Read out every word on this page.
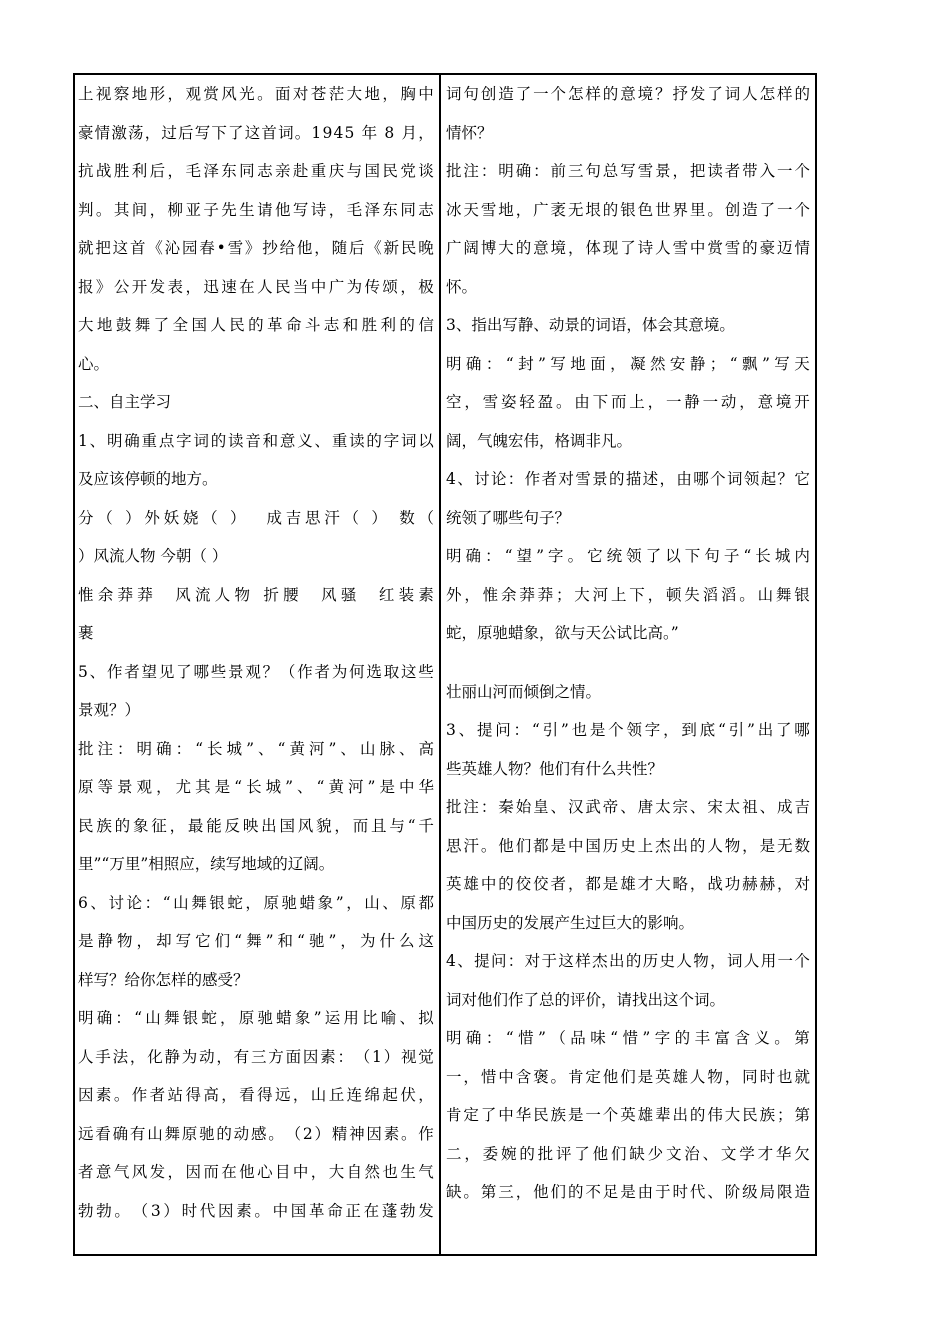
上 视 察 地 形 ， 观 赏 风 光 。 面 对 苍 茫 大 地 ， 胸 中
豪 情 激 荡 ， 过 后 写 下 了 这 首 词 。 1 9 4 5
年
8
月 ，
抗 战 胜 利 后 ， 毛 泽 东 同 志 亲 赴 重 庆 与 国 民 党 谈
判 。 其 间 ， 柳 亚 子 先 生 请 他 写 诗 ， 毛 泽 东 同 志
就 把 这 首 《 沁 园 春 • 雪 》 抄 给 他 ， 随 后 《 新 民 晚
报 》 公 开 发 表 ， 迅 速 在 人 民 当 中 广 为 传 颂 ， 极
大 地 鼓 舞 了 全 国 人 民 的 革 命 斗 志 和 胜 利 的 信
心。
二、自主学习
1 、 明 确 重 点 字 词 的 读 音 和 意 义 、 重 读 的 字 词 以
及应该停顿的地方。
分 （
） 外 妖 娆 （
）

成 吉 思 汗 （
）
数 （
）风流人物 今朝（ ）
惟 余 莽 莽

风 流 人 物
折 腰

风 骚

红 装 素
裹
5 、 作 者 望 见 了 哪 些 景 观 ？ （ 作 者 为 何 选 取 这 些
景观？）
批 注 ： 明 确 ： “ 长 城 ” 、 “ 黄 河 ” 、 山 脉 、 高
原 等 景 观 ， 尤 其 是 “ 长 城 ” 、 “ 黄 河 ” 是 中 华
民 族 的 象 征 ， 最 能 反 映 出 国 风 貌 ， 而 且 与 “ 千
里”“万里”相照应，续写地域的辽阔。
6 、 讨 论 ： “ 山 舞 银 蛇 ， 原 驰 蜡 象 ” ， 山 、 原 都
是 静 物 ， 却 写 它 们 “ 舞 ” 和 “ 驰 ” ， 为 什 么 这
样写？给你怎样的感受？
明 确 ： “ 山 舞 银 蛇 ， 原 驰 蜡 象 ” 运 用 比 喻 、 拟
人 手 法 ， 化 静 为 动 ， 有 三 方 面 因 素 ： （ 1 ） 视 觉
因 素 。 作 者 站 得 高 ， 看 得 远 ， 山 丘 连 绵 起 伏 ，
远 看 确 有 山 舞 原 驰 的 动 感 。 （ 2 ） 精 神 因 素 。 作
者 意 气 风 发 ， 因 而 在 他 心 目 中 ， 大 自 然 也 生 气
勃 勃 。 （ 3 ） 时 代 因 素 。 中 国 革 命 正 在 蓬 勃 发
词 句 创 造 了 一 个 怎 样 的 意 境 ？ 抒 发 了 词 人 怎 样 的
情怀？
批 注 ： 明 确 ： 前 三 句 总 写 雪 景 ， 把 读 者 带 入 一 个
冰 天 雪 地 ， 广 袤 无 垠 的 银 色 世 界 里 。 创 造 了 一 个
广 阔 博 大 的 意 境 ， 体 现 了 诗 人 雪 中 赏 雪 的 豪 迈 情
怀。
3、指出写静、动景的词语，体会其意境。
明 确 ： “ 封 ” 写 地 面 ， 凝 然 安 静 ； “ 飘 ” 写 天
空 ， 雪 姿 轻 盈 。 由 下 而 上 ， 一 静 一 动 ， 意 境 开
阔，气魄宏伟，格调非凡。
4 、 讨 论 ： 作 者 对 雪 景 的 描 述 ， 由 哪 个 词 领 起 ？ 它
统领了哪些句子？
明 确 ： “ 望 ” 字 。 它 统 领 了 以 下 句 子 “ 长 城 内
外 ， 惟 余 莽 莽 ； 大 河 上 下 ， 顿 失 滔 滔 。 山 舞 银
蛇，原驰蜡象，欲与天公试比高。”
壮丽山河而倾倒之情。
3 、 提 问 ： “ 引 ” 也 是 个 领 字 ， 到 底 “ 引 ” 出 了 哪
些英雄人物？他们有什么共性？
批 注 ： 秦 始 皇 、 汉 武 帝 、 唐 太 宗 、 宋 太 祖 、 成 吉
思 汗 。 他 们 都 是 中 国 历 史 上 杰 出 的 人 物 ， 是 无 数
英 雄 中 的 佼 佼 者 ， 都 是 雄 才 大 略 ， 战 功 赫 赫 ， 对
中国历史的发展产生过巨大的影响。
4 、 提 问 ： 对 于 这 样 杰 出 的 历 史 人 物 ， 词 人 用 一 个
词对他们作了总的评价，请找出这个词。
明 确 ： “ 惜 ” （ 品 味 “ 惜 ” 字 的 丰 富 含 义 。 第
一 ， 惜 中 含 褒 。 肯 定 他 们 是 英 雄 人 物 ， 同 时 也 就
肯 定 了 中 华 民 族 是 一 个 英 雄 辈 出 的 伟 大 民 族 ； 第
二 ， 委 婉 的 批 评 了 他 们 缺 少 文 治 、 文 学 才 华 欠
缺 。 第 三 ， 他 们 的 不 足 是 由 于 时 代 、 阶 级 局 限 造
